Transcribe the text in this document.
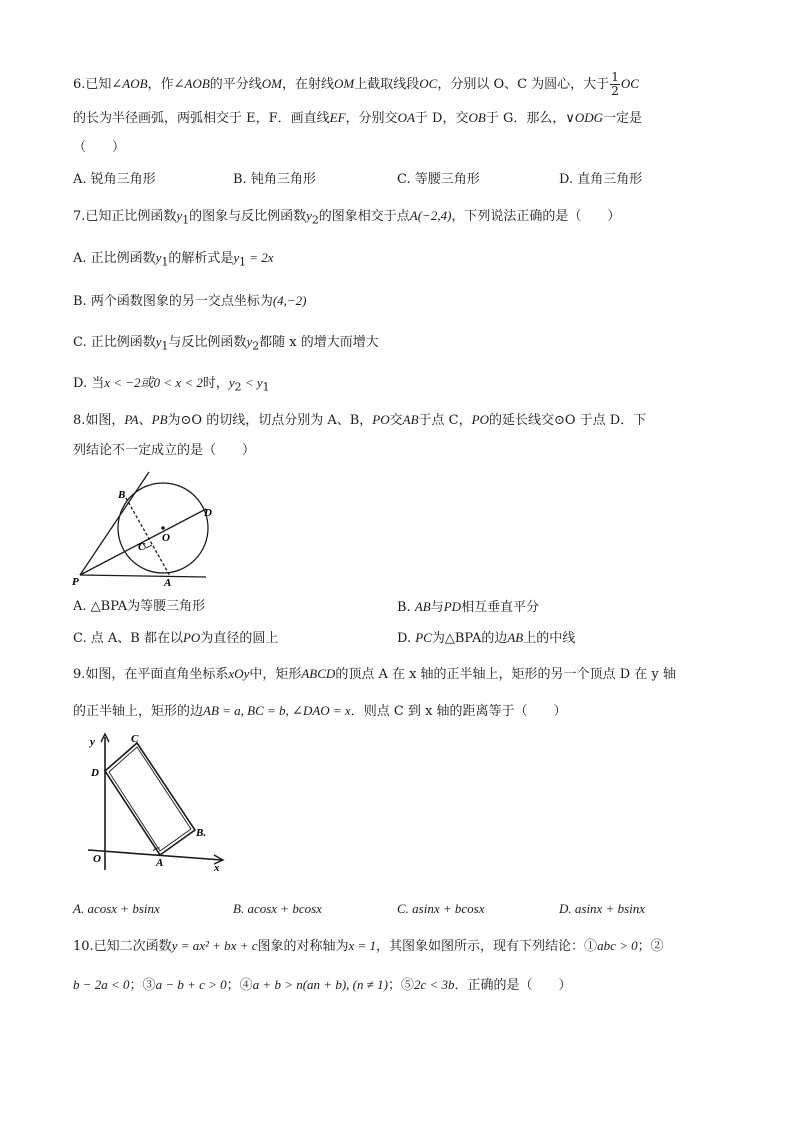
6.已知∠AOB，作∠AOB的平分线OM，在射线OM上截取线段OC，分别以 O、C 为圆心，大于 $\frac{1}{2}$ OC
的长为半径画弧，两弧相交于 E，F．画直线EF，分别交OA于 D，交OB于 G．那么，∨ODG一定是
（　　）
A. 锐角三角形	B. 钝角三角形	C. 等腰三角形	D. 直角三角形
7.已知正比例函数$y_1$的图象与反比例函数$y_2$的图象相交于点A(−2,4)，下列说法正确的是（　　）
A. 正比例函数$y_1$的解析式是$y_1 = 2x$
B. 两个函数图象的另一交点坐标为(4,−2)
C. 正比例函数$y_1$与反比例函数$y_2$都随 x 的增大而增大
D. 当x < −2或0 < x < 2时，$y_2 < y_1$
8.如图，PA、PB为⊙O 的切线，切点分别为 A、B，PO交AB于点 C，PO的延长线交⊙O 于点 D．下
列结论不一定成立的是（　　）
B
D
C
O
P	A
A. △BPA为等腰三角形	B. AB与PD相互垂直平分
C. 点 A、B 都在以PO为直径的圆上	D. PC为△BPA的边AB上的中线
9.如图，在平面直角坐标系xOy中，矩形ABCD的顶点 A 在 x 轴的正半轴上，矩形的另一个顶点 D 在 y 轴
的正半轴上，矩形的边AB = a, BC = b, ∠DAO = x．则点 C 到 x 轴的距离等于（　　）
y	C
D
B.
O	A	x
A. acosx + bsinx	B. acosx + bcosx	C. asinx + bcosx	D. asinx + bsinx
10.已知二次函数y = ax² + bx + c图象的对称轴为x = 1，其图象如图所示，现有下列结论：①abc > 0；②
b − 2a < 0；③a − b + c > 0；④a + b > n(an + b), (n ≠ 1)；⑤2c < 3b．正确的是（　　）
